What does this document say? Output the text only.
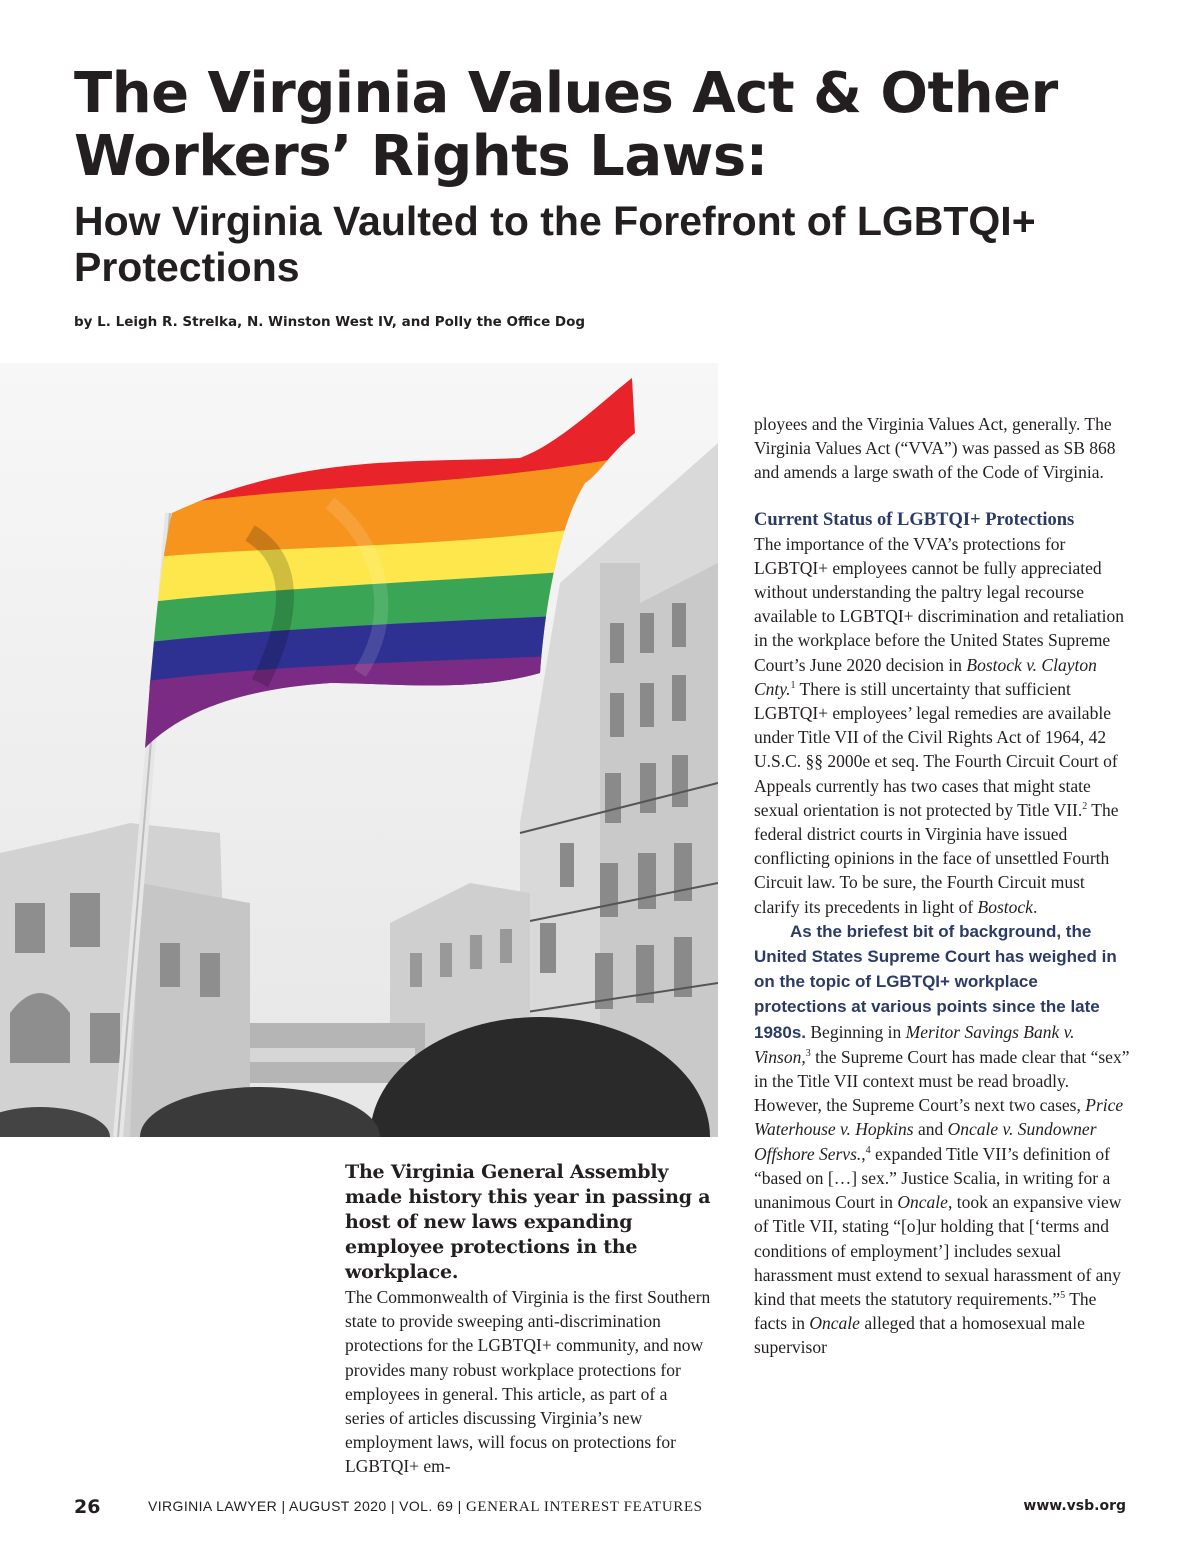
The Virginia Values Act & Other Workers’ Rights Laws:
How Virginia Vaulted to the Forefront of LGBTQI+ Protections

by L. Leigh R. Strelka, N. Winston West IV, and Polly the Office Dog

ployees and the Virginia Values Act, generally. The Virginia Values Act (“VVA”) was passed as SB 868 and amends a large swath of the Code of Virginia.

Current Status of LGBTQI+ Protections

The importance of the VVA’s protections for LGBTQI+ employees cannot be fully appreciated without understanding the paltry legal recourse available to LGBTQI+ discrimination and retaliation in the workplace before the United States Supreme Court’s June 2020 decision in Bostock v. Clayton Cnty.$^1$ There is still uncertainty that sufficient LGBTQI+ employees’ legal remedies are available under Title VII of the Civil Rights Act of 1964, 42 U.S.C. §§ 2000e et seq. The Fourth Circuit Court of Appeals currently has two cases that might state sexual orientation is not protected by Title VII.$^2$ The federal district courts in Virginia have issued conflicting opinions in the face of unsettled Fourth Circuit law. To be sure, the Fourth Circuit must clarify its precedents in light of Bostock.

As the briefest bit of background, the United States Supreme Court has weighed in on the topic of LGBTQI+ workplace protections at various points since the late 1980s. Beginning in Meritor Savings Bank v. Vinson,$^3$ the Supreme Court has made clear that “sex” in the Title VII context must be read broadly. However, the Supreme Court’s next two cases, Price Waterhouse v. Hopkins and Oncale v. Sundowner Offshore Servs.,$^4$ expanded Title VII’s definition of “based on […] sex.” Justice Scalia, in writing for a unanimous Court in Oncale, took an expansive view of Title VII, stating “[o]ur holding that [‘terms and conditions of employment’] includes sexual harassment must extend to sexual harassment of any kind that meets the statutory requirements.”$^5$ The facts in Oncale alleged that a homosexual male supervisor

The Virginia General Assembly made history this year in passing a host of new laws expanding employee protections in the workplace.

The Commonwealth of Virginia is the first Southern state to provide sweeping anti-discrimination protections for the LGBTQI+ community, and now provides many robust workplace protections for employees in general. This article, as part of a series of articles discussing Virginia’s new employment laws, will focus on protections for LGBTQI+ em-

26	VIRGINIA LAWYER | AUGUST 2020 | VOL. 69 | GENERAL INTEREST FEATURES	www.vsb.org
